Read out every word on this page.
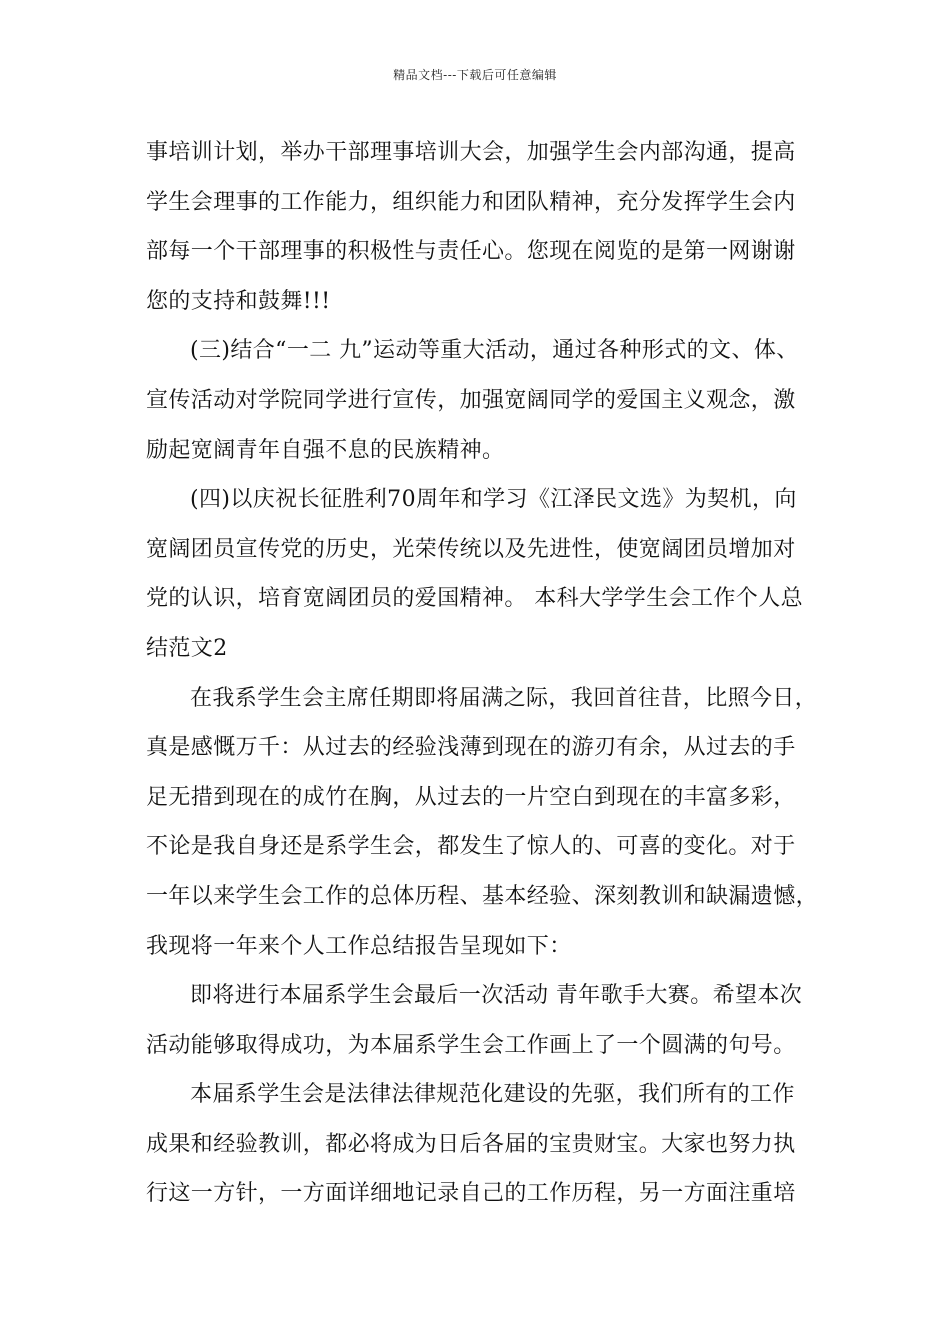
精品文档---下载后可任意编辑
事培训计划，举办干部理事培训大会，加强学生会内部沟通，提高
学生会理事的工作能力，组织能力和团队精神，充分发挥学生会内
部每一个干部理事的积极性与责任心。您现在阅览的是第一网谢谢
您的支持和鼓舞!!!
(三)结合“一二 九”运动等重大活动，通过各种形式的文、体、
宣传活动对学院同学进行宣传，加强宽阔同学的爱国主义观念，激
励起宽阔青年自强不息的民族精神。
(四)以庆祝长征胜利70周年和学习《江泽民文选》为契机，向
宽阔团员宣传党的历史，光荣传统以及先进性，使宽阔团员增加对
党的认识，培育宽阔团员的爱国精神。 本科大学学生会工作个人总
结范文2
在我系学生会主席任期即将届满之际，我回首往昔，比照今日，
真是感慨万千：从过去的经验浅薄到现在的游刃有余，从过去的手
足无措到现在的成竹在胸，从过去的一片空白到现在的丰富多彩，
不论是我自身还是系学生会，都发生了惊人的、可喜的变化。对于
一年以来学生会工作的总体历程、基本经验、深刻教训和缺漏遗憾，
我现将一年来个人工作总结报告呈现如下：
即将进行本届系学生会最后一次活动 青年歌手大赛。希望本次
活动能够取得成功，为本届系学生会工作画上了一个圆满的句号。
本届系学生会是法律法律规范化建设的先驱，我们所有的工作
成果和经验教训，都必将成为日后各届的宝贵财宝。大家也努力执
行这一方针，一方面详细地记录自己的工作历程，另一方面注重培
